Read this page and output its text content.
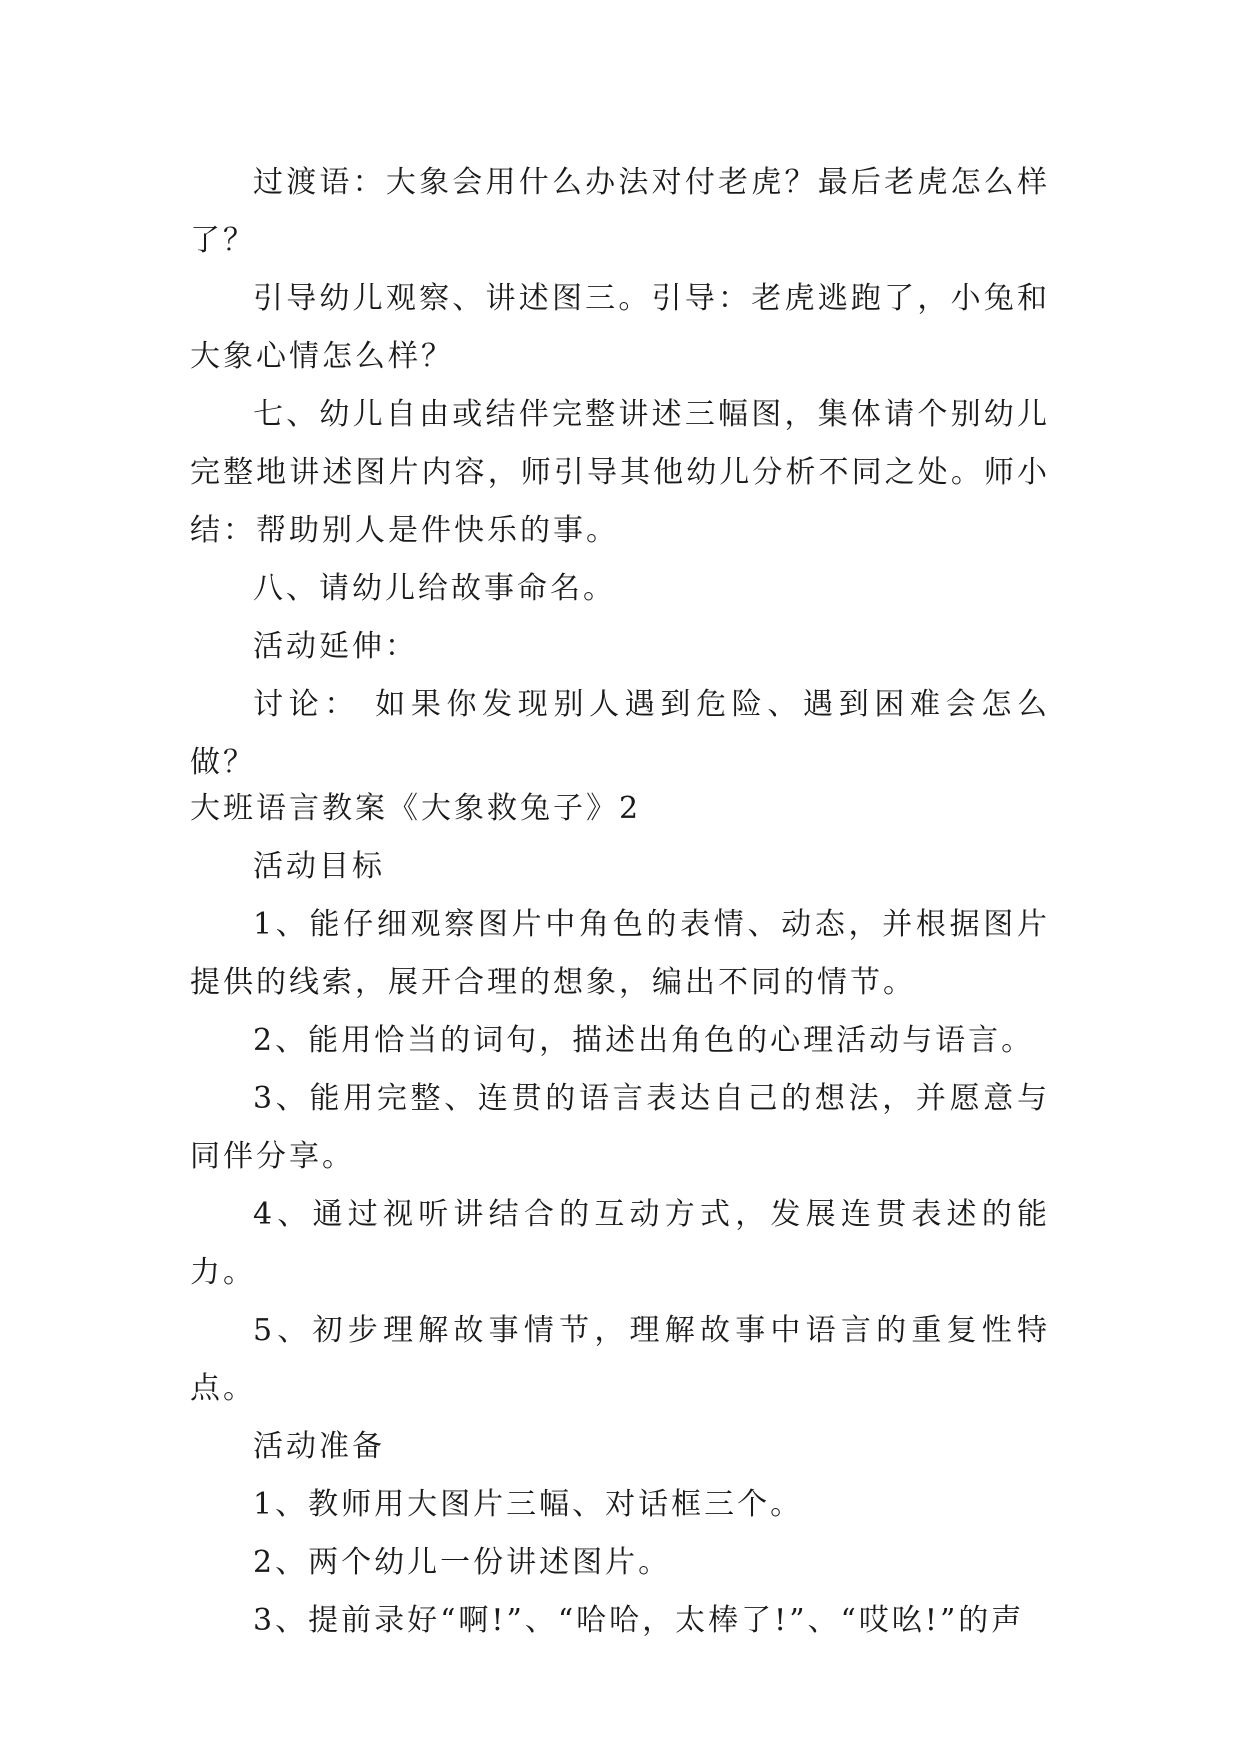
过渡语：大象会用什么办法对付老虎？最后老虎怎么样了？

引导幼儿观察、讲述图三。引导：老虎逃跑了，小兔和大象心情怎么样？

七、幼儿自由或结伴完整讲述三幅图，集体请个别幼儿完整地讲述图片内容，师引导其他幼儿分析不同之处。师小结：帮助别人是件快乐的事。

八、请幼儿给故事命名。

活动延伸：

讨论： 如果你发现别人遇到危险、遇到困难会怎么做？

大班语言教案《大象救兔子》2

活动目标

1、能仔细观察图片中角色的表情、动态，并根据图片提供的线索，展开合理的想象，编出不同的情节。

2、能用恰当的词句，描述出角色的心理活动与语言。

3、能用完整、连贯的语言表达自己的想法，并愿意与同伴分享。

4、通过视听讲结合的互动方式，发展连贯表述的能力。

5、初步理解故事情节，理解故事中语言的重复性特点。

活动准备

1、教师用大图片三幅、对话框三个。

2、两个幼儿一份讲述图片。

3、提前录好“啊!”、“哈哈，太棒了!”、“哎吆!”的声
